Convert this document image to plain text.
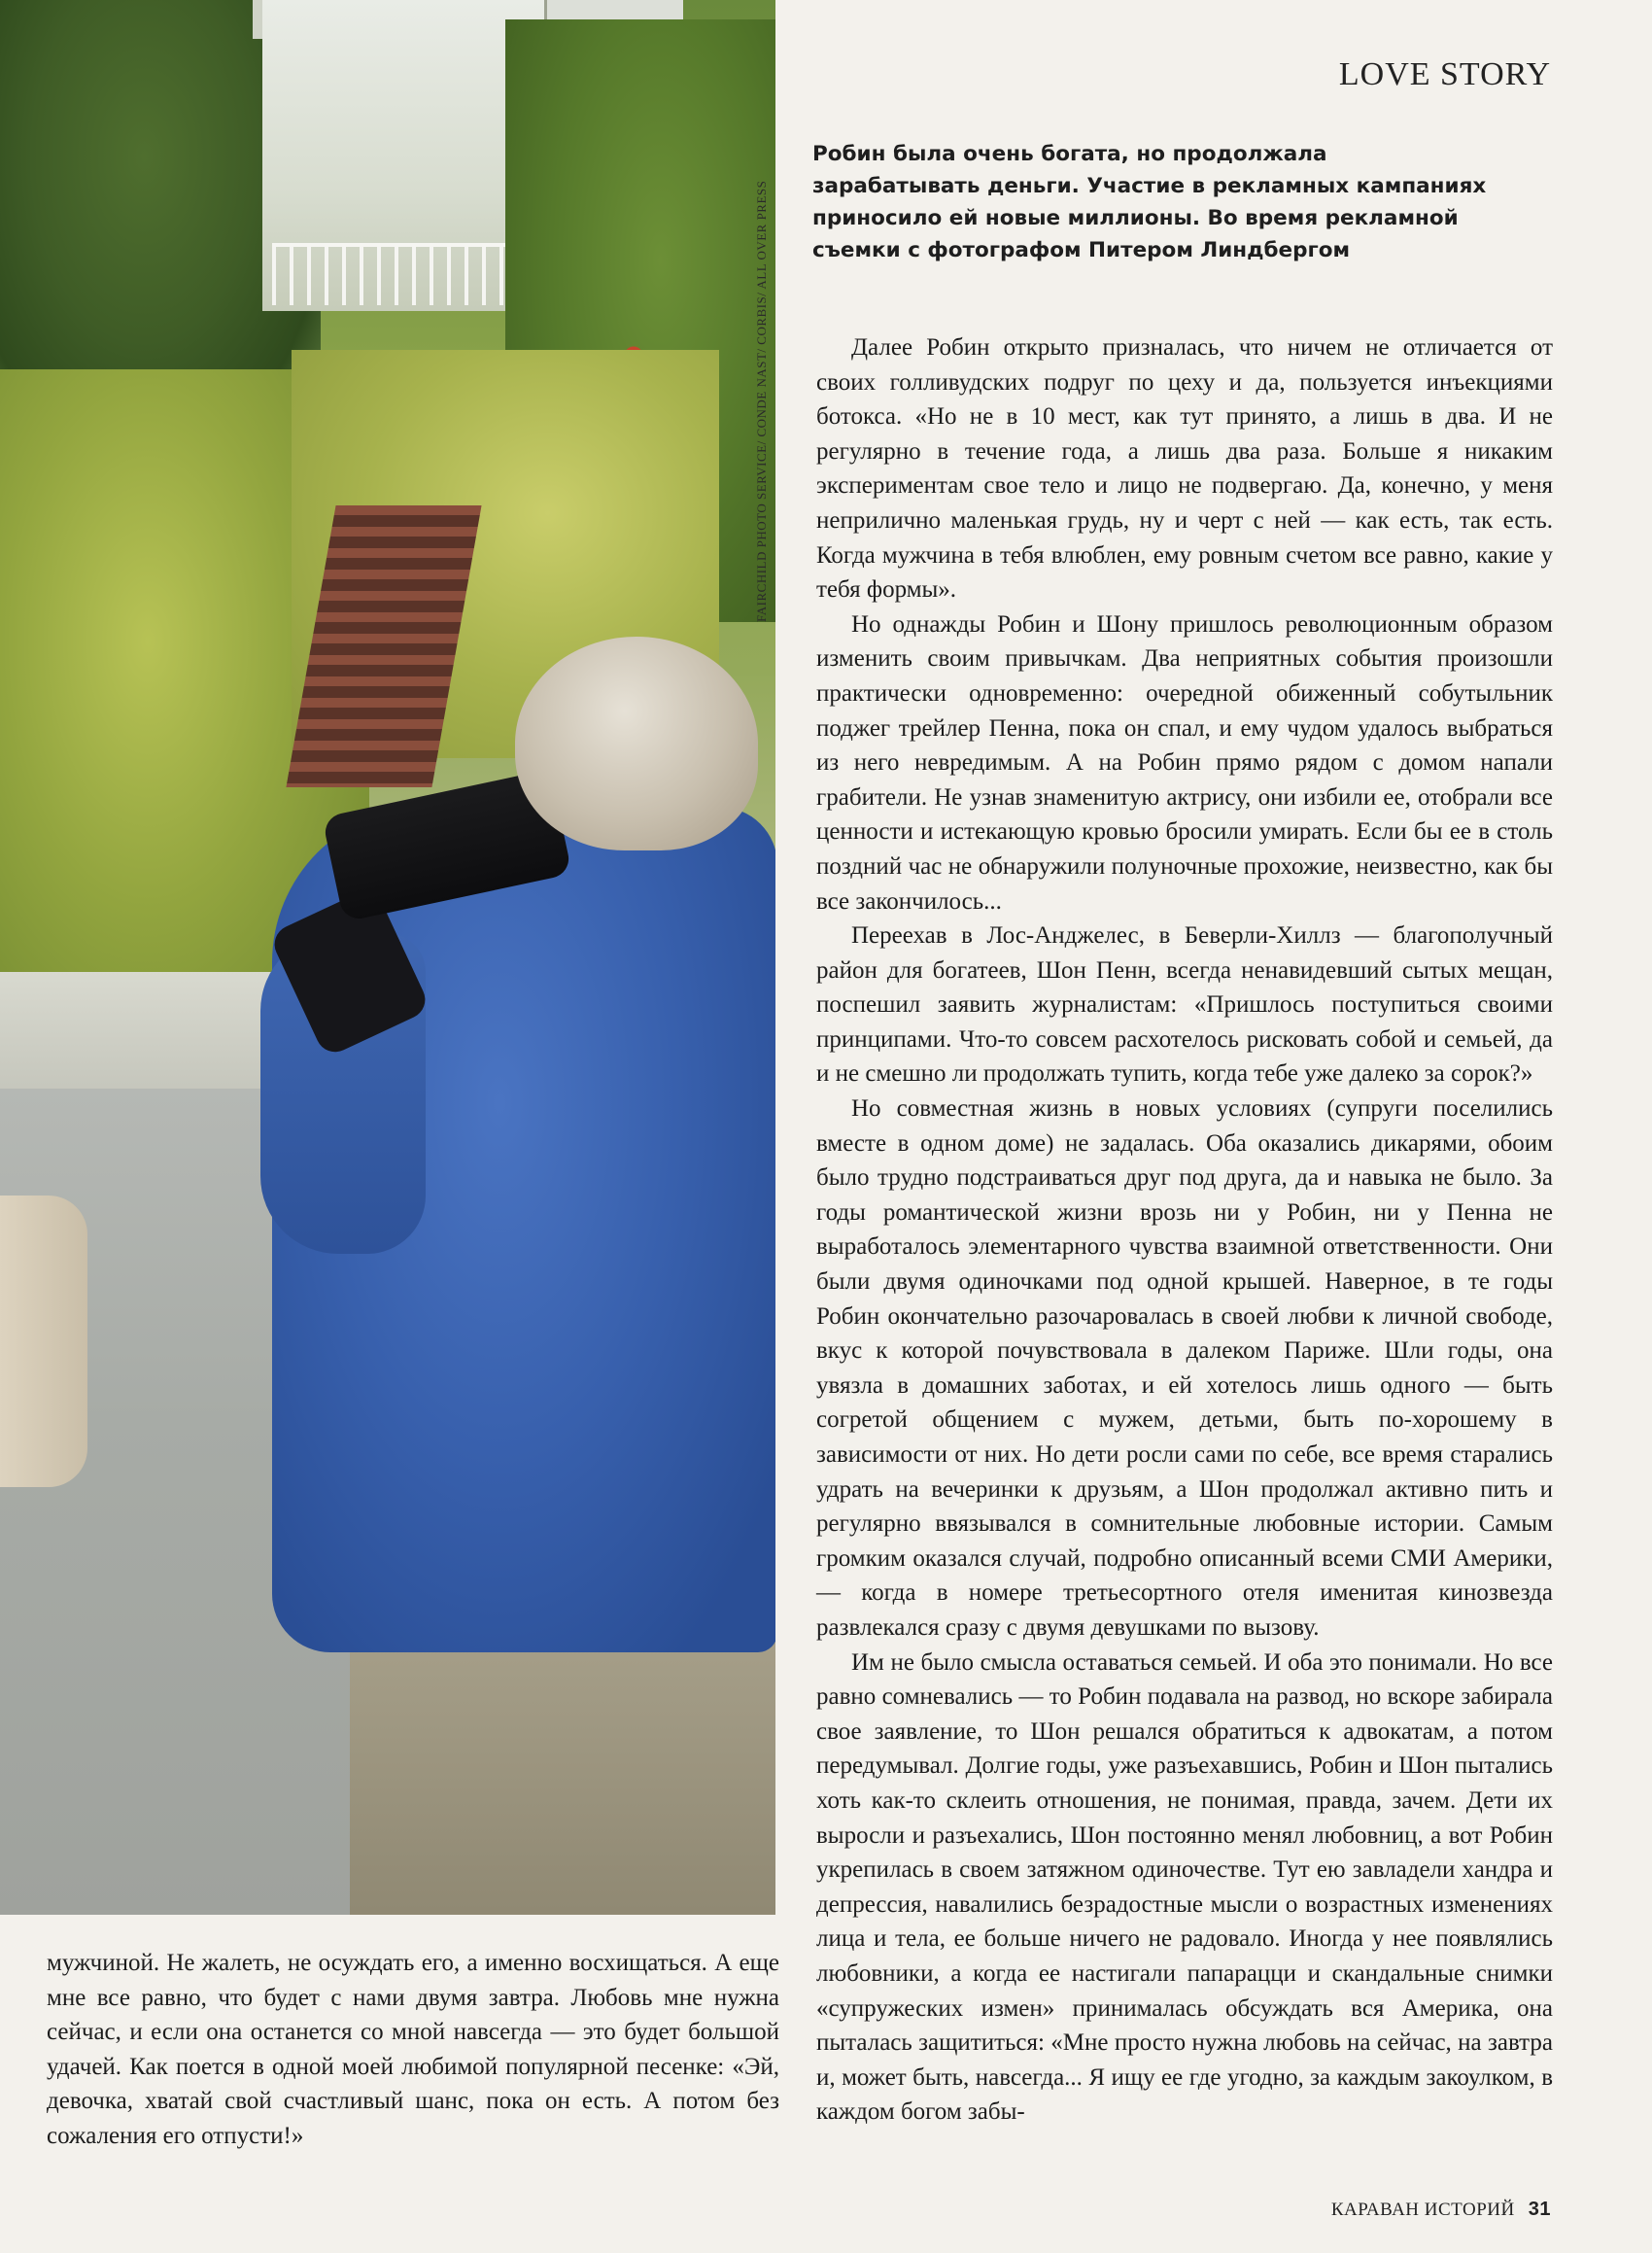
FAIRCHILD PHOTO SERVICE/ CONDE NAST/ CORBIS/ ALL OVER PRESS
LOVE STORY

Робин была очень богата, но продолжала зарабатывать деньги. Участие в рекламных кампаниях приносило ей новые миллионы. Во время рекламной съемки с фотографом Питером Линдбергом

Далее Робин открыто призналась, что ничем не отличается от своих голливудских подруг по цеху и да, пользуется инъекциями ботокса. «Но не в 10 мест, как тут принято, а лишь в два. И не регулярно в течение года, а лишь два раза. Больше я никаким экспериментам свое тело и лицо не подвергаю. Да, конечно, у меня неприлично маленькая грудь, ну и черт с ней — как есть, так есть. Когда мужчина в тебя влюблен, ему ровным счетом все равно, какие у тебя формы».

Но однажды Робин и Шону пришлось революционным образом изменить своим привычкам. Два неприятных события произошли практически одновременно: очередной обиженный собутыльник поджег трейлер Пенна, пока он спал, и ему чудом удалось выбраться из него невредимым. А на Робин прямо рядом с домом напали грабители. Не узнав знаменитую актрису, они избили ее, отобрали все ценности и истекающую кровью бросили умирать. Если бы ее в столь поздний час не обнаружили полуночные прохожие, неизвестно, как бы все закончилось...

Переехав в Лос-Анджелес, в Беверли-Хиллз — благополучный район для богатеев, Шон Пенн, всегда ненавидевший сытых мещан, поспешил заявить журналистам: «Пришлось поступиться своими принципами. Что-то совсем расхотелось рисковать собой и семьей, да и не смешно ли продолжать тупить, когда тебе уже далеко за сорок?»

Но совместная жизнь в новых условиях (супруги поселились вместе в одном доме) не задалась. Оба оказались дикарями, обоим было трудно подстраиваться друг под друга, да и навыка не было. За годы романтической жизни врозь ни у Робин, ни у Пенна не выработалось элементарного чувства взаимной ответственности. Они были двумя одиночками под одной крышей. Наверное, в те годы Робин окончательно разочаровалась в своей любви к личной свободе, вкус к которой почувствовала в далеком Париже. Шли годы, она увязла в домашних заботах, и ей хотелось лишь одного — быть согретой общением с мужем, детьми, быть по-хорошему в зависимости от них. Но дети росли сами по себе, все время старались удрать на вечеринки к друзьям, а Шон продолжал активно пить и регулярно ввязывался в сомнительные любовные истории. Самым громким оказался случай, подробно описанный всеми СМИ Америки, — когда в номере третьесортного отеля именитая кинозвезда развлекался сразу с двумя девушками по вызову.

Им не было смысла оставаться семьей. И оба это понимали. Но все равно сомневались — то Робин подавала на развод, но вскоре забирала свое заявление, то Шон решался обратиться к адвокатам, а потом передумывал. Долгие годы, уже разъехавшись, Робин и Шон пытались хоть как-то склеить отношения, не понимая, правда, зачем. Дети их выросли и разъехались, Шон постоянно менял любовниц, а вот Робин укрепилась в своем затяжном одиночестве. Тут ею завладели хандра и депрессия, навалились безрадостные мысли о возрастных изменениях лица и тела, ее больше ничего не радовало. Иногда у нее появлялись любовники, а когда ее настигали папарацци и скандальные снимки «супружеских измен» принималась обсуждать вся Америка, она пыталась защититься: «Мне просто нужна любовь на сейчас, на завтра и, может быть, навсегда... Я ищу ее где угодно, за каждым закоулком, в каждом богом забы-

мужчиной. Не жалеть, не осуждать его, а именно восхищаться. А еще мне все равно, что будет с нами двумя завтра. Любовь мне нужна сейчас, и если она останется со мной навсегда — это будет большой удачей. Как поется в одной моей любимой популярной песенке: «Эй, девочка, хватай свой счастливый шанс, пока он есть. А потом без сожаления его отпусти!»

КАРАВАН ИСТОРИЙ 31
